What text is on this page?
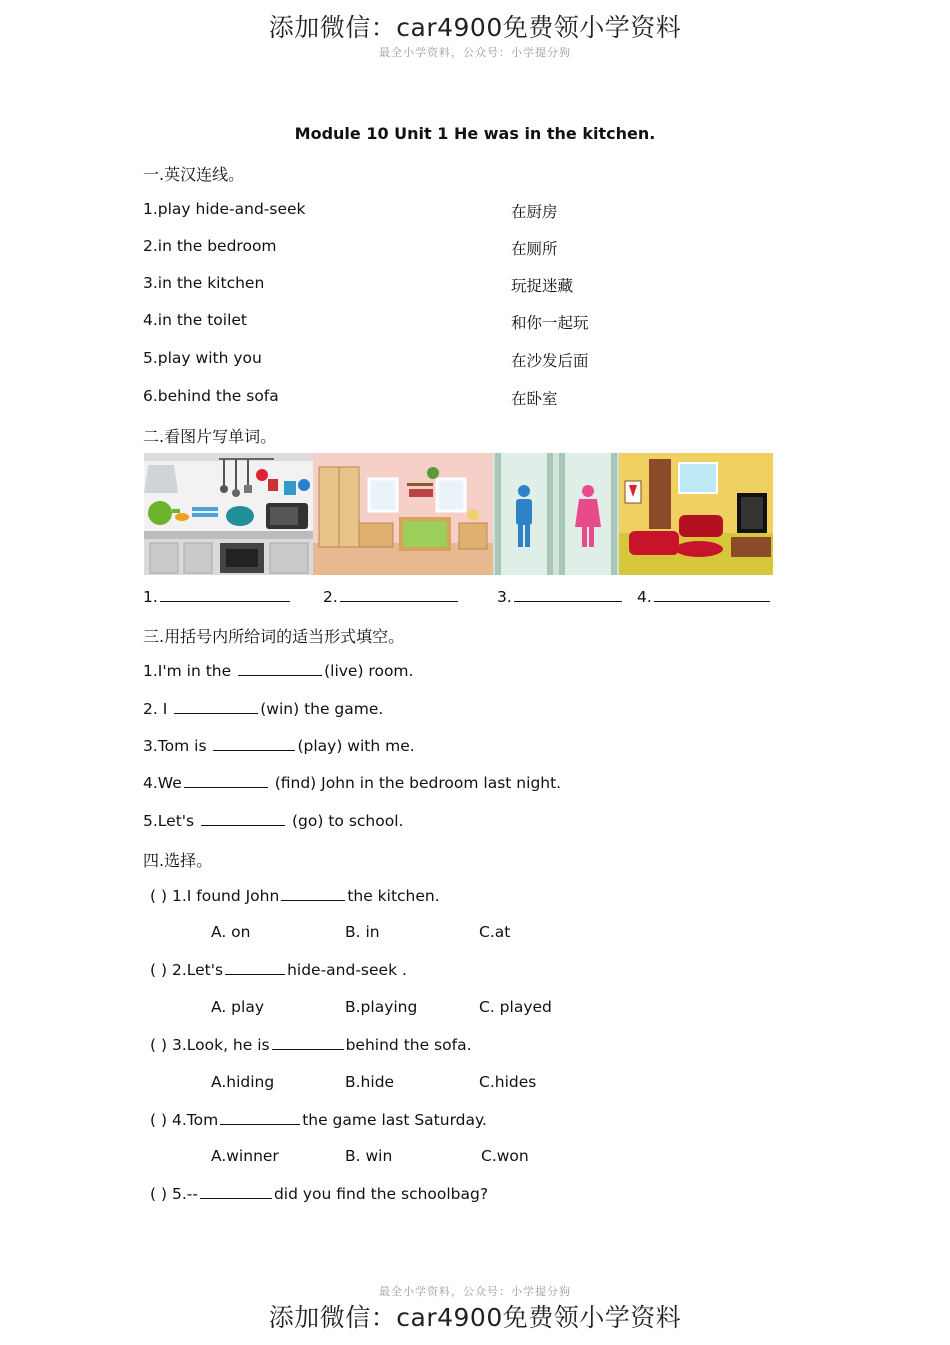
添加微信：car4900免费领小学资料
最全小学资料，公众号：小学提分狗
Module 10 Unit 1 He was in the kitchen.
一.英汉连线。
1.play hide-and-seek
2.in the bedroom
3.in the kitchen
4.in the toilet
5.play with you
6.behind the sofa
在厨房
在厕所
玩捉迷藏
和你一起玩
在沙发后面
在卧室
二.看图片写单词。
1.	2.	3.	4.
三.用括号内所给词的适当形式填空。
1.I'm in the	(live) room.
2. I	(win) the game.
3.Tom is	(play) with me.
4.We	(find) John in the bedroom last night.
5.Let's	(go) to school.
四.选择。
( ) 1.I found John	the kitchen.
A. on	B. in	C.at
( ) 2.Let's	hide-and-seek .
A. play	B.playing	C. played
( ) 3.Look, he is	behind the sofa.
A.hiding	B.hide	C.hides
( ) 4.Tom	the game last Saturday.
A.winner	B. win	C.won
( ) 5.--	did you find the schoolbag?
最全小学资料，公众号：小学提分狗
添加微信：car4900免费领小学资料
